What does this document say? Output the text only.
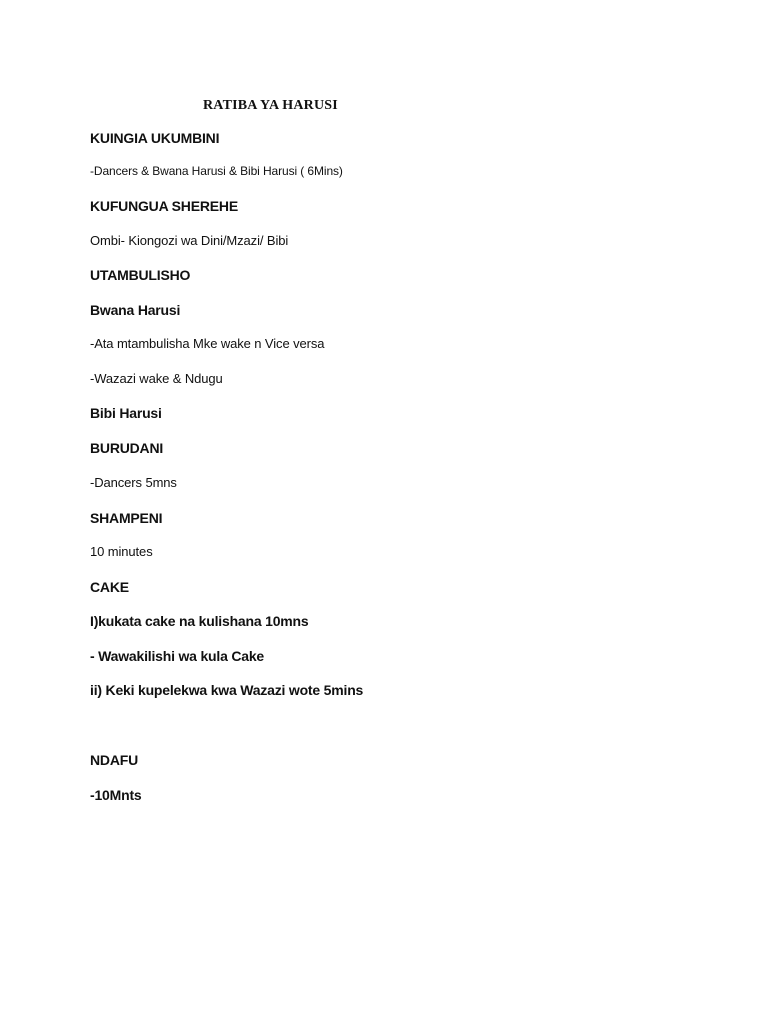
RATIBA YA HARUSI
KUINGIA UKUMBINI
-Dancers & Bwana Harusi & Bibi Harusi ( 6Mins)
KUFUNGUA SHEREHE
Ombi- Kiongozi wa Dini/Mzazi/ Bibi
UTAMBULISHO
Bwana Harusi
-Ata mtambulisha Mke wake n Vice versa
-Wazazi wake & Ndugu
Bibi Harusi
BURUDANI
-Dancers 5mns
SHAMPENI
10 minutes
CAKE
I)kukata cake na kulishana 10mns
- Wawakilishi wa kula Cake
ii) Keki kupelekwa kwa Wazazi wote 5mins
NDAFU
-10Mnts
